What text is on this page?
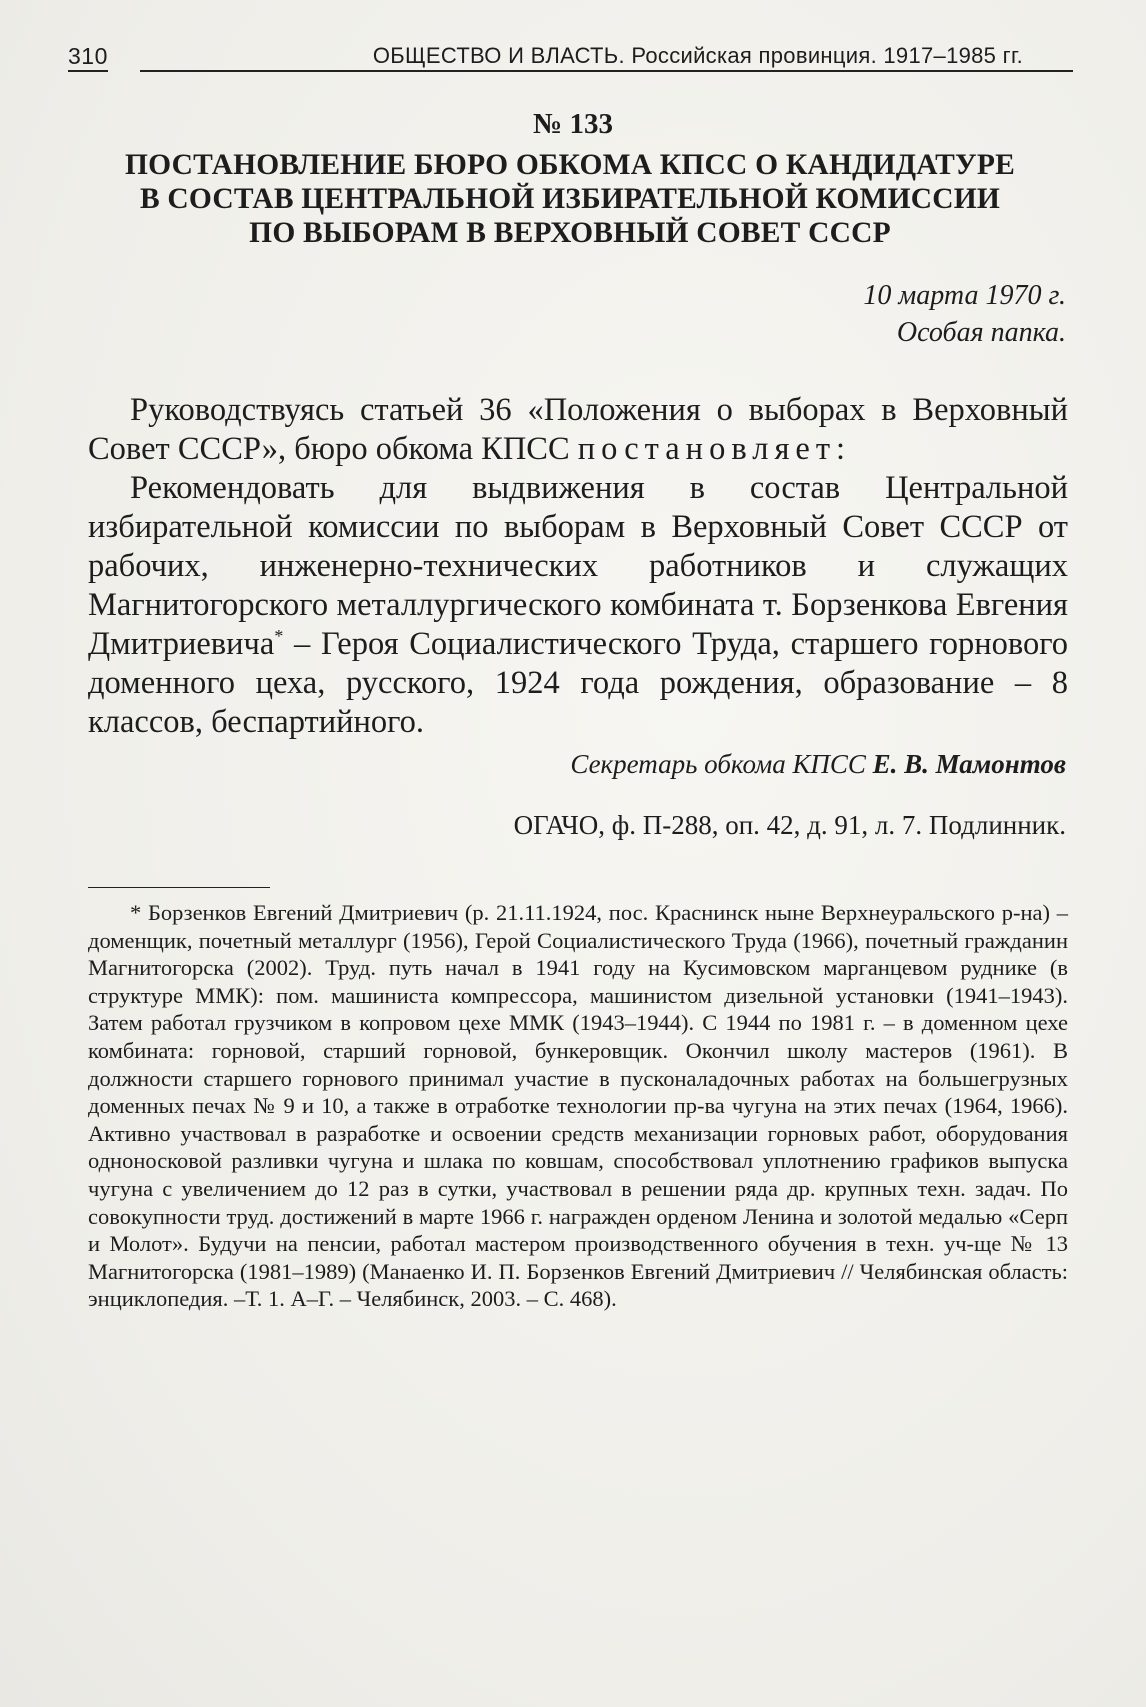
310	ОБЩЕСТВО И ВЛАСТЬ. Российская провинция. 1917–1985 гг.
№ 133
ПОСТАНОВЛЕНИЕ БЮРО ОБКОМА КПСС О КАНДИДАТУРЕ
В СОСТАВ ЦЕНТРАЛЬНОЙ ИЗБИРАТЕЛЬНОЙ КОМИССИИ
ПО ВЫБОРАМ В ВЕРХОВНЫЙ СОВЕТ СССР
10 марта 1970 г.
Особая папка.

Руководствуясь статьей 36 «Положения о выборах в Верховный Совет СССР», бюро обкома КПСС постановляет:

Рекомендовать для выдвижения в состав Центральной избирательной комиссии по выборам в Верховный Совет СССР от рабочих, инженерно-технических работников и служащих Магнитогорского металлургического комбината т. Борзенкова Евгения Дмитриевича* – Героя Социалистического Труда, старшего горнового доменного цеха, русского, 1924 года рождения, образование – 8 классов, беспартийного.

Секретарь обкома КПСС Е. В. Мамонтов
ОГАЧО, ф. П-288, оп. 42, д. 91, л. 7. Подлинник.
* Борзенков Евгений Дмитриевич (р. 21.11.1924, пос. Краснинск ныне Верхнеуральского р-на) – доменщик, почетный металлург (1956), Герой Социалистического Труда (1966), почетный гражданин Магнитогорска (2002). Труд. путь начал в 1941 году на Кусимовском марганцевом руднике (в структуре ММК): пом. машиниста компрессора, машинистом дизельной установки (1941–1943). Затем работал грузчиком в копровом цехе ММК (1943–1944). С 1944 по 1981 г. – в доменном цехе комбината: горновой, старший горновой, бункеровщик. Окончил школу мастеров (1961). В должности старшего горнового принимал участие в пусконаладочных работах на большегрузных доменных печах № 9 и 10, а также в отработке технологии пр-ва чугуна на этих печах (1964, 1966). Активно участвовал в разработке и освоении средств механизации горновых работ, оборудования одноносковой разливки чугуна и шлака по ковшам, способствовал уплотнению графиков выпуска чугуна с увеличением до 12 раз в сутки, участвовал в решении ряда др. крупных техн. задач. По совокупности труд. достижений в марте 1966 г. награжден орденом Ленина и золотой медалью «Серп и Молот». Будучи на пенсии, работал мастером производственного обучения в техн. уч-ще № 13 Магнитогорска (1981–1989) (Манаенко И. П. Борзенков Евгений Дмитриевич // Челябинская область: энциклопедия. –Т. 1. А–Г. – Челябинск, 2003. – С. 468).
